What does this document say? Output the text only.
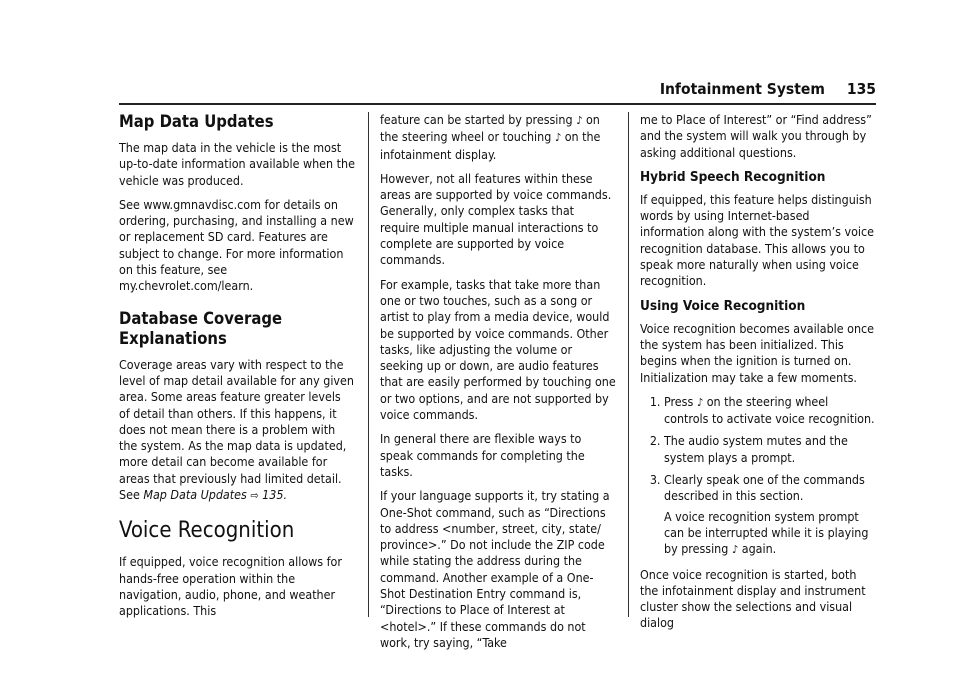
Infotainment System 135
Map Data Updates

The map data in the vehicle is the most up-to-date information available when the vehicle was produced.

See www.gmnavdisc.com for details on ordering, purchasing, and installing a new or replacement SD card. Features are subject to change. For more information on this feature, see my.chevrolet.com/learn.

Database Coverage Explanations

Coverage areas vary with respect to the level of map detail available for any given area. Some areas feature greater levels of detail than others. If this happens, it does not mean there is a problem with the system. As the map data is updated, more detail can become available for areas that previously had limited detail. See Map Data Updates ⇨ 135.

Voice Recognition

If equipped, voice recognition allows for hands-free operation within the navigation, audio, phone, and weather applications. This

feature can be started by pressing ♪ on the steering wheel or touching ♪ on the infotainment display.

However, not all features within these areas are supported by voice commands. Generally, only complex tasks that require multiple manual interactions to complete are supported by voice commands.

For example, tasks that take more than one or two touches, such as a song or artist to play from a media device, would be supported by voice commands. Other tasks, like adjusting the volume or seeking up or down, are audio features that are easily performed by touching one or two options, and are not supported by voice commands.

In general there are flexible ways to speak commands for completing the tasks.

If your language supports it, try stating a One-Shot command, such as “Directions to address <number, street, city, state/ province>.” Do not include the ZIP code while stating the address during the command. Another example of a One-Shot Destination Entry command is, “Directions to Place of Interest at <hotel>.” If these commands do not work, try saying, “Take

me to Place of Interest” or “Find address” and the system will walk you through by asking additional questions.

Hybrid Speech Recognition

If equipped, this feature helps distinguish words by using Internet-based information along with the system’s voice recognition database. This allows you to speak more naturally when using voice recognition.

Using Voice Recognition

Voice recognition becomes available once the system has been initialized. This begins when the ignition is turned on. Initialization may take a few moments.

1. Press ♪ on the steering wheel controls to activate voice recognition.
2. The audio system mutes and the system plays a prompt.
3. Clearly speak one of the commands described in this section.
A voice recognition system prompt can be interrupted while it is playing by pressing ♪ again.

Once voice recognition is started, both the infotainment display and instrument cluster show the selections and visual dialog
